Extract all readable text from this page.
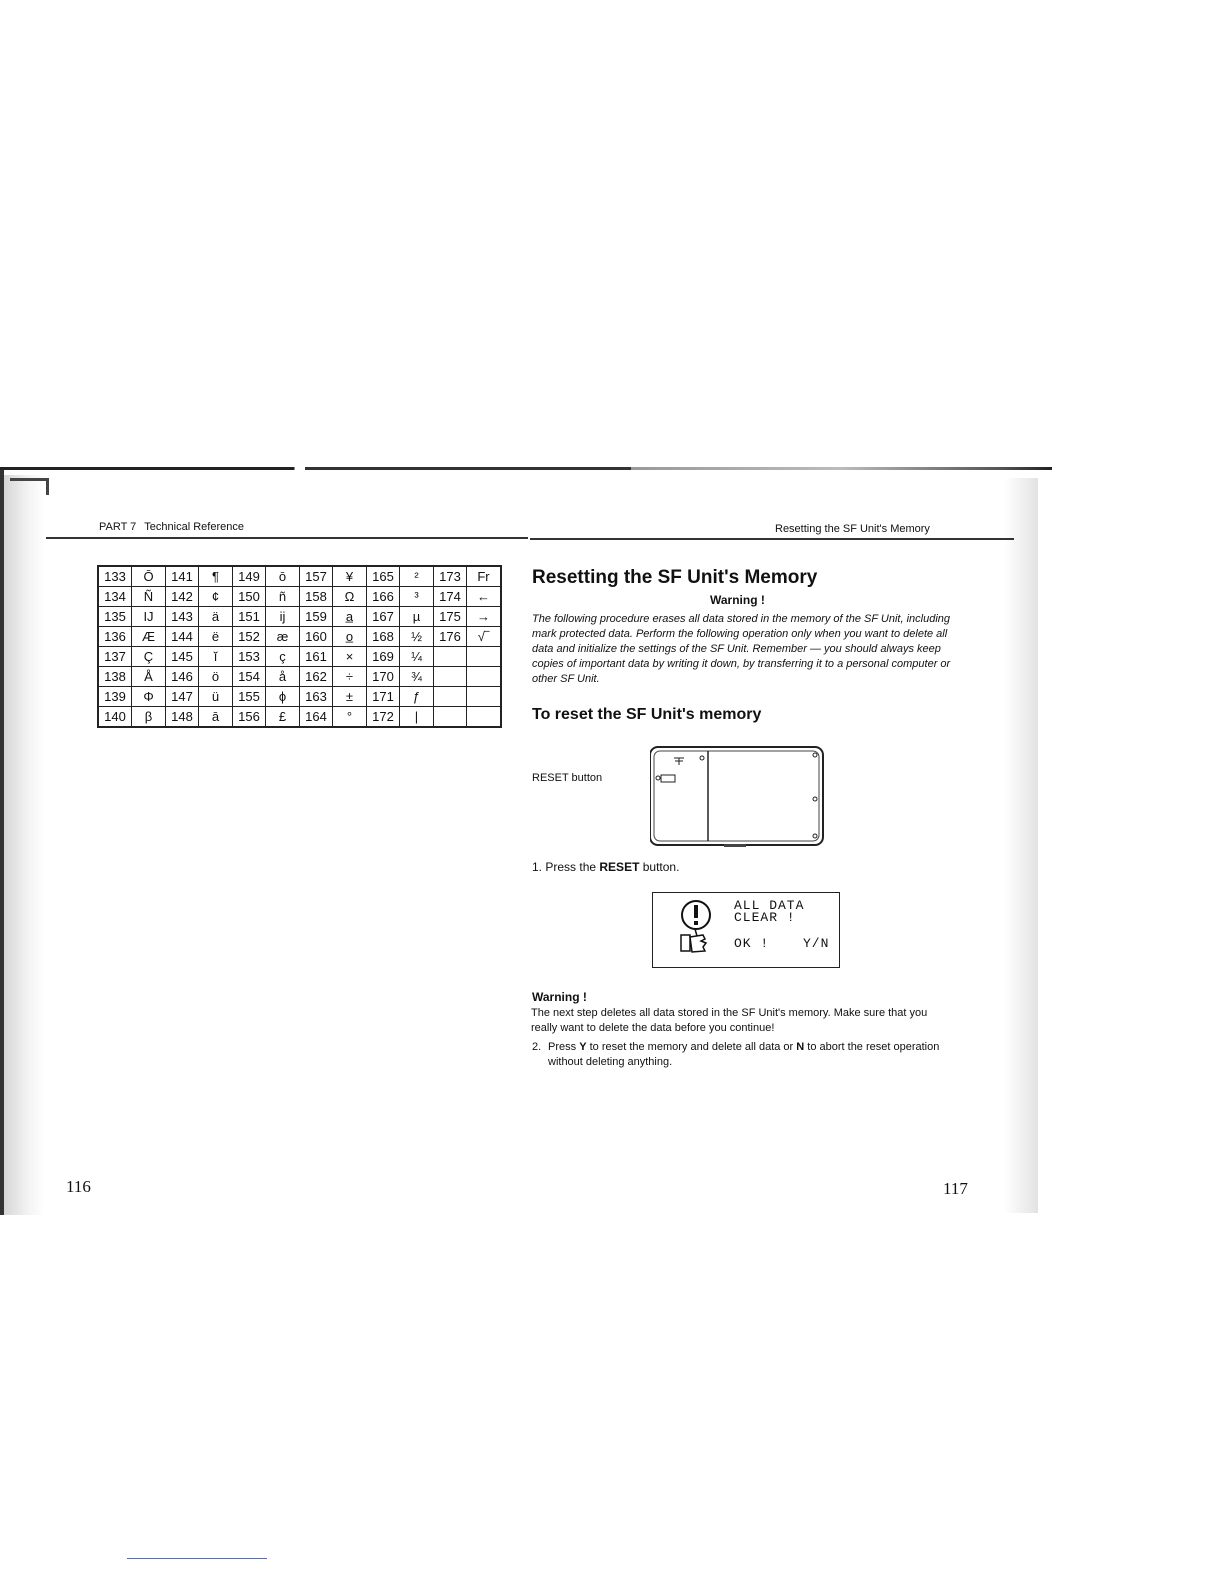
PART 7 Technical Reference	Resetting the SF Unit's Memory
133	Ō	141	¶	149	ō	157	¥	165	²	173	Fr
134	Ñ	142	¢	150	ñ	158	Ω	166	³	174	←
135	IJ	143	ä	151	ij	159	a̲	167	µ	175	→
136	Æ	144	ë	152	æ	160	o̲	168	½	176	√‾
137	Ç	145	ĭ	153	ç	161	×	169	¼		
138	Å	146	ö	154	å	162	÷	170	¾		
139	Φ	147	ü	155	ϕ	163	±	171	ƒ		
140	β	148	ā	156	£	164	°	172	|		
Resetting the SF Unit's Memory
Warning !
The following procedure erases all data stored in the memory of the SF Unit, including mark protected data. Perform the following operation only when you want to delete all data and initialize the settings of the SF Unit. Remember — you should always keep copies of important data by writing it down, by transferring it to a personal computer or other SF Unit.
To reset the SF Unit's memory
RESET button
1. Press the RESET button.
ALL DATA
CLEAR !
OK !	Y/N
Warning !
The next step deletes all data stored in the SF Unit's memory. Make sure that you really want to delete the data before you continue!
2. Press Y to reset the memory and delete all data or N to abort the reset operation without deleting anything.
116	117
